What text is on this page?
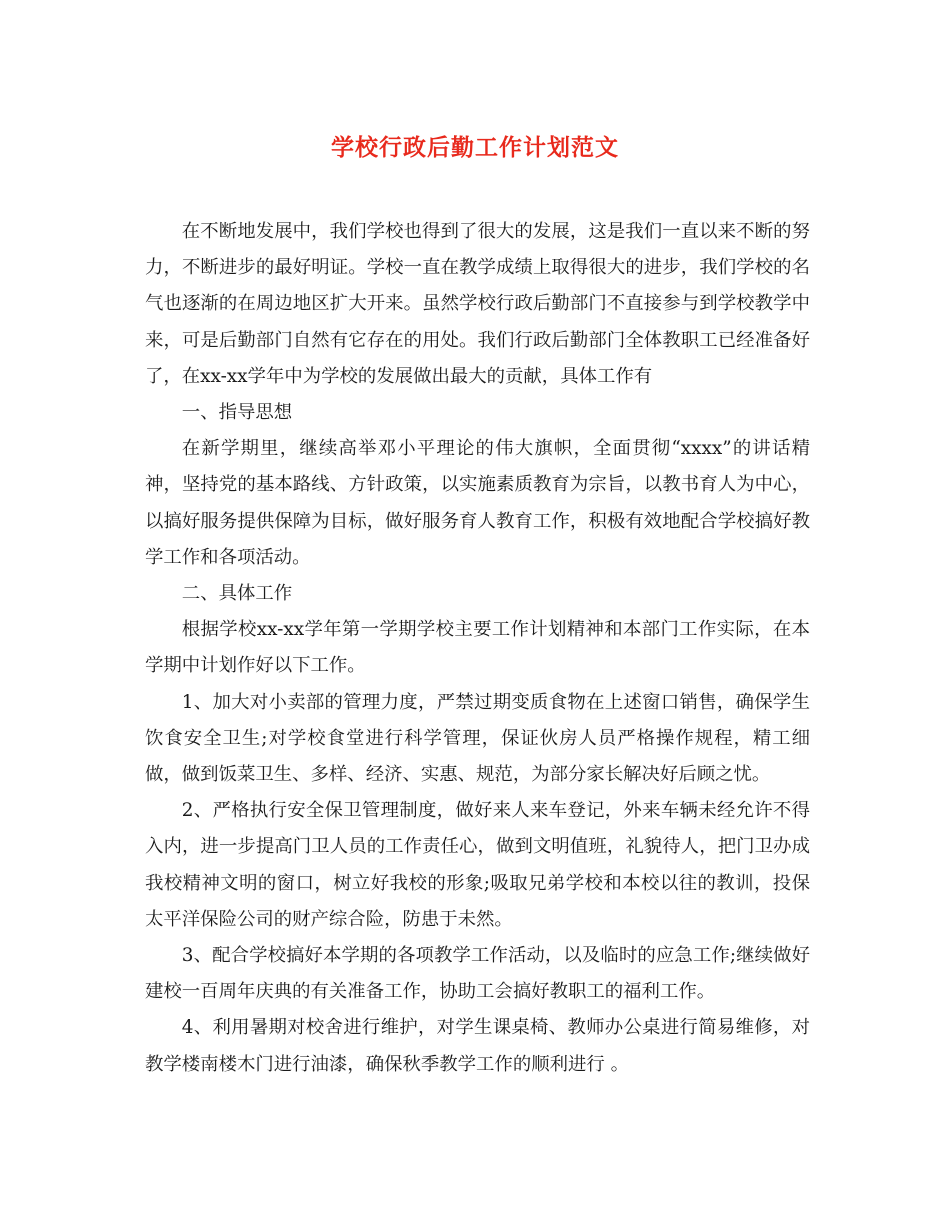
学校行政后勤工作计划范文

在不断地发展中，我们学校也得到了很大的发展，这是我们一直以来不断的努力，不断进步的最好明证。学校一直在教学成绩上取得很大的进步，我们学校的名气也逐渐的在周边地区扩大开来。虽然学校行政后勤部门不直接参与到学校教学中来，可是后勤部门自然有它存在的用处。我们行政后勤部门全体教职工已经准备好了，在xx-xx学年中为学校的发展做出最大的贡献，具体工作有

一、指导思想

在新学期里，继续高举邓小平理论的伟大旗帜，全面贯彻“xxxx”的讲话精神，坚持党的基本路线、方针政策，以实施素质教育为宗旨，以教书育人为中心，以搞好服务提供保障为目标，做好服务育人教育工作，积极有效地配合学校搞好教学工作和各项活动。

二、具体工作

根据学校xx-xx学年第一学期学校主要工作计划精神和本部门工作实际，在本学期中计划作好以下工作。

1、加大对小卖部的管理力度，严禁过期变质食物在上述窗口销售，确保学生饮食安全卫生;对学校食堂进行科学管理，保证伙房人员严格操作规程，精工细做，做到饭菜卫生、多样、经济、实惠、规范，为部分家长解决好后顾之忧。

2、严格执行安全保卫管理制度，做好来人来车登记，外来车辆未经允许不得入内，进一步提高门卫人员的工作责任心，做到文明值班，礼貌待人，把门卫办成我校精神文明的窗口，树立好我校的形象;吸取兄弟学校和本校以往的教训，投保太平洋保险公司的财产综合险，防患于未然。

3、配合学校搞好本学期的各项教学工作活动，以及临时的应急工作;继续做好建校一百周年庆典的有关准备工作，协助工会搞好教职工的福利工作。

4、利用暑期对校舍进行维护，对学生课桌椅、教师办公桌进行简易维修，对教学楼南楼木门进行油漆，确保秋季教学工作的顺利进行 。
